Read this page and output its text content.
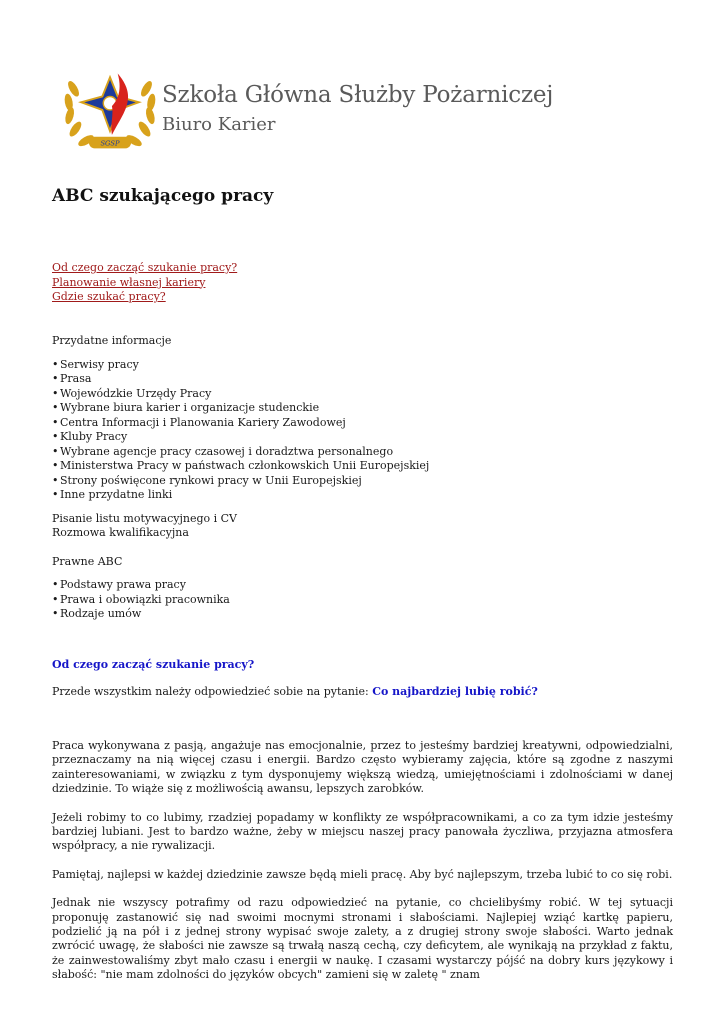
SGSP
Szkoła Główna Służby Pożarniczej
Biuro Karier
ABC szukającego pracy
Od czego zacząć szukanie pracy?
Planowanie własnej kariery
Gdzie szukać pracy?

Przydatne informacje

• Serwisy pracy
• Prasa
• Wojewódzkie Urzędy Pracy
• Wybrane biura karier i organizacje studenckie
• Centra Informacji i Planowania Kariery Zawodowej
• Kluby Pracy
• Wybrane agencje pracy czasowej i doradztwa personalnego
• Ministerstwa Pracy w państwach członkowskich Unii Europejskiej
• Strony poświęcone rynkowi pracy w Unii Europejskiej
• Inne przydatne linki

Pisanie listu motywacyjnego i CV

Rozmowa kwalifikacyjna

Prawne ABC

• Podstawy prawa pracy
• Prawa i obowiązki pracownika
• Rodzaje umów
Od czego zacząć szukanie pracy?
Przede wszystkim należy odpowiedzieć sobie na pytanie: Co najbardziej lubię robić?

Praca wykonywana z pasją, angażuje nas emocjonalnie, przez to jesteśmy bardziej kreatywni, odpowiedzialni, przeznaczamy na nią więcej czasu i energii. Bardzo często wybieramy zajęcia, które są zgodne z naszymi zainteresowaniami, w związku z tym dysponujemy większą wiedzą, umiejętnościami i zdolnościami w danej dziedzinie. To wiąże się z możliwością awansu, lepszych zarobków.

Jeżeli robimy to co lubimy, rzadziej popadamy w konflikty ze współpracownikami, a co za tym idzie jesteśmy bardziej lubiani. Jest to bardzo ważne, żeby w miejscu naszej pracy panowała życzliwa, przyjazna atmosfera współpracy, a nie rywalizacji.

Pamiętaj, najlepsi w każdej dziedzinie zawsze będą mieli pracę. Aby być najlepszym, trzeba lubić to co się robi.

Jednak nie wszyscy potrafimy od razu odpowiedzieć na pytanie, co chcielibyśmy robić. W tej sytuacji proponuję zastanowić się nad swoimi mocnymi stronami i słabościami. Najlepiej wziąć kartkę papieru, podzielić ją na pół i z jednej strony wypisać swoje zalety, a z drugiej strony swoje słabości. Warto jednak zwrócić uwagę, że słabości nie zawsze są trwałą naszą cechą, czy deficytem, ale wynikają na przykład z faktu, że zainwestowaliśmy zbyt mało czasu i energii w naukę. I czasami wystarczy pójść na dobry kurs językowy i słabość: "nie mam zdolności do języków obcych" zamieni się w zaletę " znam
